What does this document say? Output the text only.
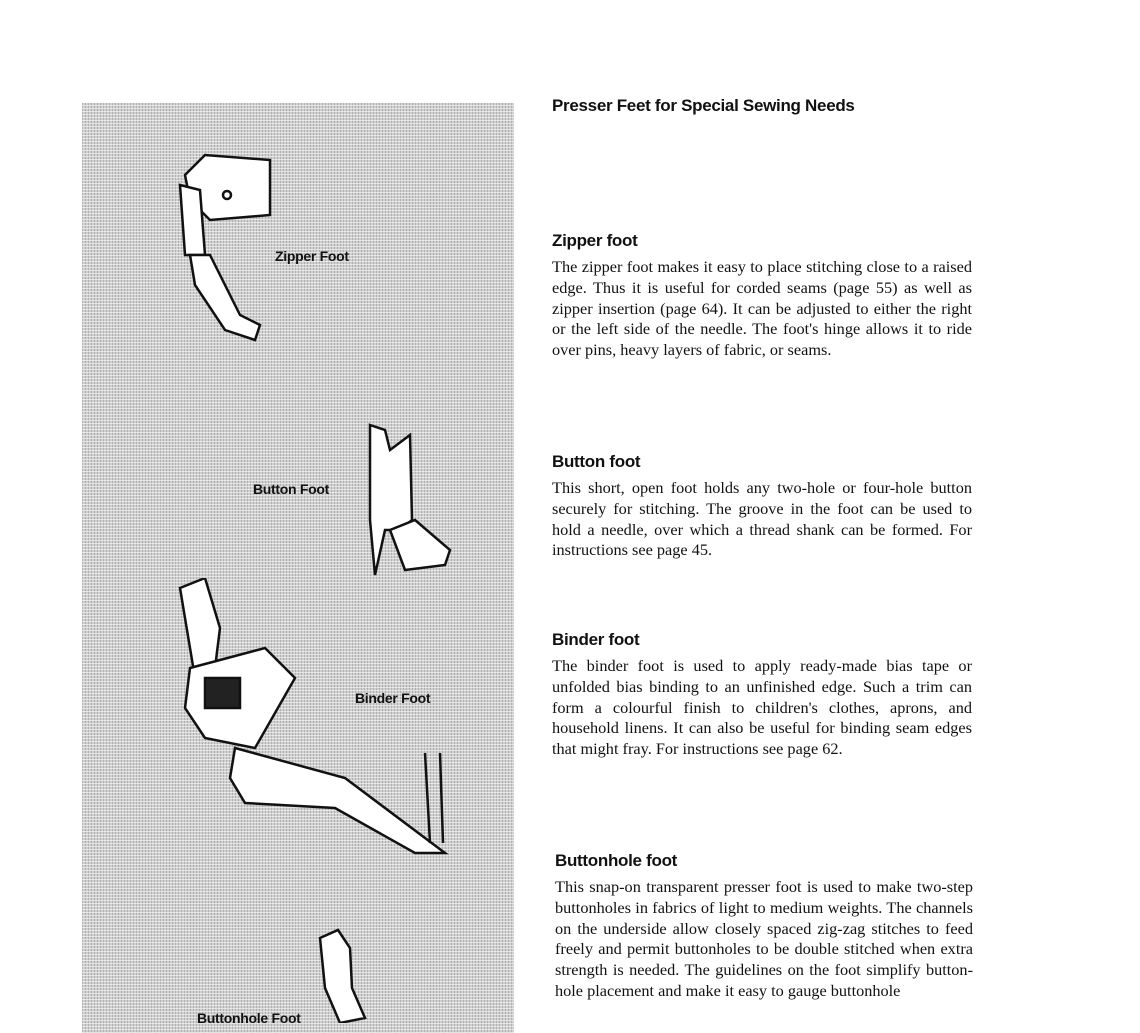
Zipper Foot
Button Foot
Binder Foot
Buttonhole Foot
Presser Feet for Special Sewing Needs
Zipper foot

The zipper foot makes it easy to place stitching close to a raised edge. Thus it is useful for corded seams (page 55) as well as zipper insertion (page 64). It can be adjusted to either the right or the left side of the needle. The foot's hinge allows it to ride over pins, heavy layers of fabric, or seams.

Button foot

This short, open foot holds any two-hole or four-hole button securely for stitching. The groove in the foot can be used to hold a needle, over which a thread shank can be formed. For instructions see page 45.

Binder foot

The binder foot is used to apply ready-made bias tape or unfolded bias binding to an unfinished edge. Such a trim can form a colourful finish to children's clothes, aprons, and household linens. It can also be useful for binding seam edges that might fray. For instructions see page 62.

Buttonhole foot

This snap-on transparent presser foot is used to make two-step buttonholes in fabrics of light to medium weights. The channels on the underside allow closely spaced zig-zag stitches to feed freely and permit buttonholes to be double stitched when extra strength is needed. The guidelines on the foot simplify button-hole placement and make it easy to gauge buttonhole
